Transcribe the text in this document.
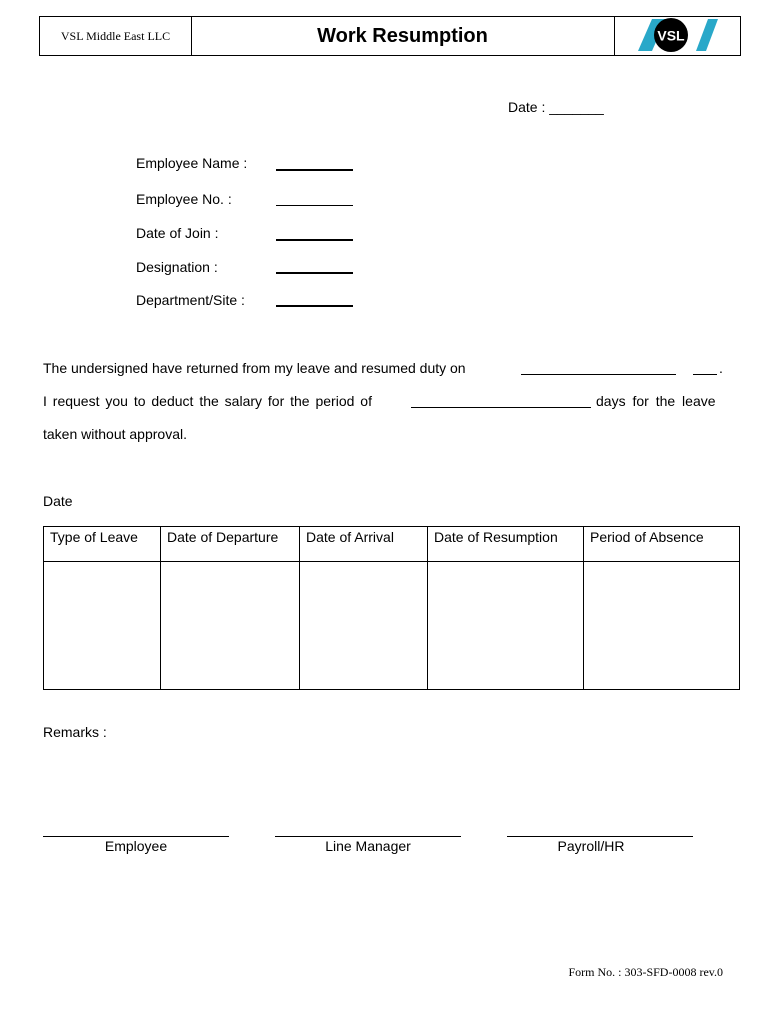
VSL Middle East LLC	Work Resumption	VSL
Date : _______
Employee Name :
Employee No. :
Date of Join :
Designation :
Department/Site :
The undersigned have returned from my leave and resumed duty on	.
I request you to deduct the salary for the period of	days for the leave
taken without approval.
Date
Type of Leave	Date of Departure	Date of Arrival	Date of Resumption	Period of Absence

Remarks :
Employee	Line Manager	Payroll/HR
Form No. : 303-SFD-0008 rev.0
